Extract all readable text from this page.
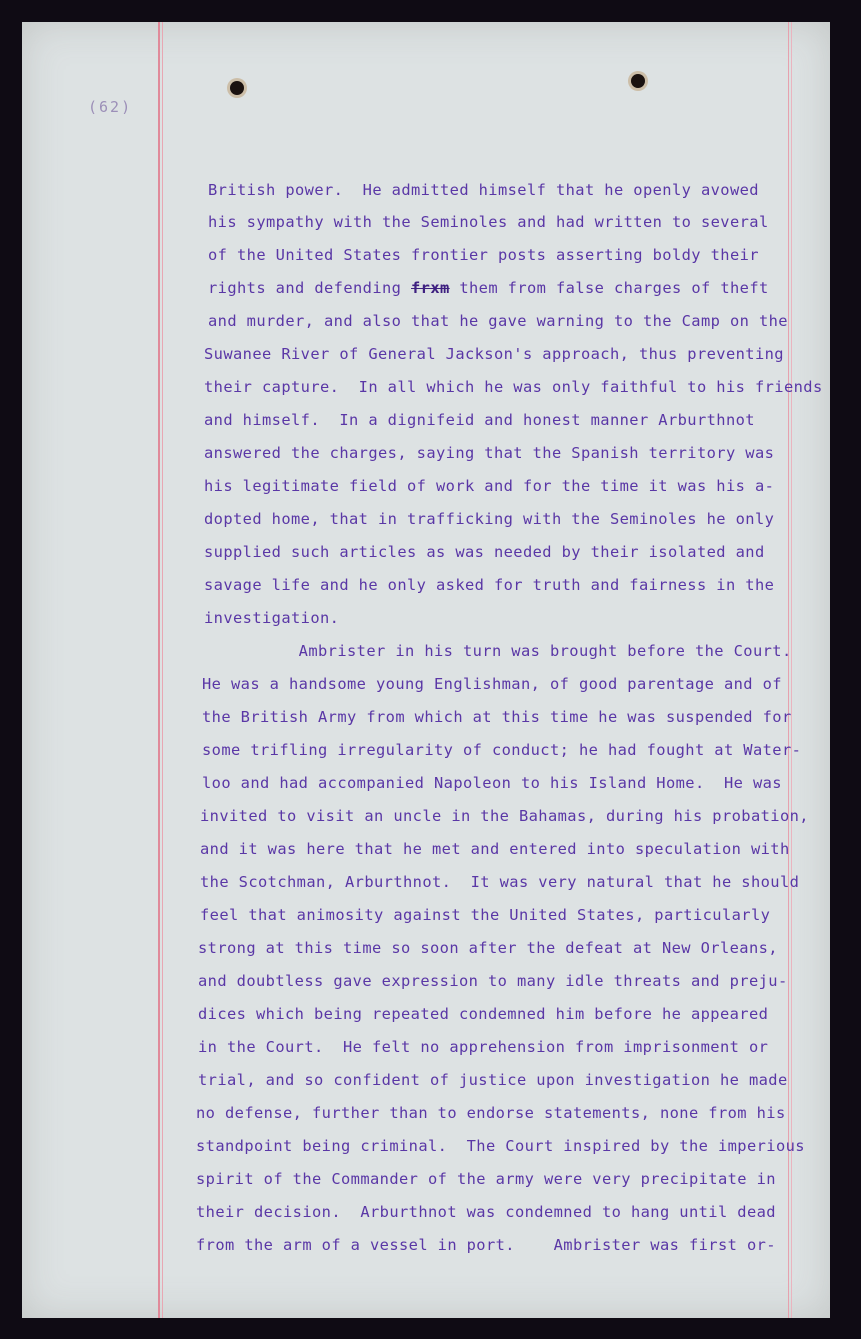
(62)
British power.  He admitted himself that he openly avowed
his sympathy with the Seminoles and had written to several
of the United States frontier posts asserting boldy their
rights and defending frxm them from false charges of theft
and murder, and also that he gave warning to the Camp on the
Suwanee River of General Jackson's approach, thus preventing
their capture.  In all which he was only faithful to his friends
and himself.  In a dignifeid and honest manner Arburthnot
answered the charges, saying that the Spanish territory was
his legitimate field of work and for the time it was his a-
dopted home, that in trafficking with the Seminoles he only
supplied such articles as was needed by their isolated and
savage life and he only asked for truth and fairness in the
investigation.
Ambrister in his turn was brought before the Court.
He was a handsome young Englishman, of good parentage and of
the British Army from which at this time he was suspended for
some trifling irregularity of conduct; he had fought at Water-
loo and had accompanied Napoleon to his Island Home.  He was
invited to visit an uncle in the Bahamas, during his probation,
and it was here that he met and entered into speculation with
the Scotchman, Arburthnot.  It was very natural that he should
feel that animosity against the United States, particularly
strong at this time so soon after the defeat at New Orleans,
and doubtless gave expression to many idle threats and preju-
dices which being repeated condemned him before he appeared
in the Court.  He felt no apprehension from imprisonment or
trial, and so confident of justice upon investigation he made
no defense, further than to endorse statements, none from his
standpoint being criminal.  The Court inspired by the imperious
spirit of the Commander of the army were very precipitate in
their decision.  Arburthnot was condemned to hang until dead
from the arm of a vessel in port.    Ambrister was first or-
